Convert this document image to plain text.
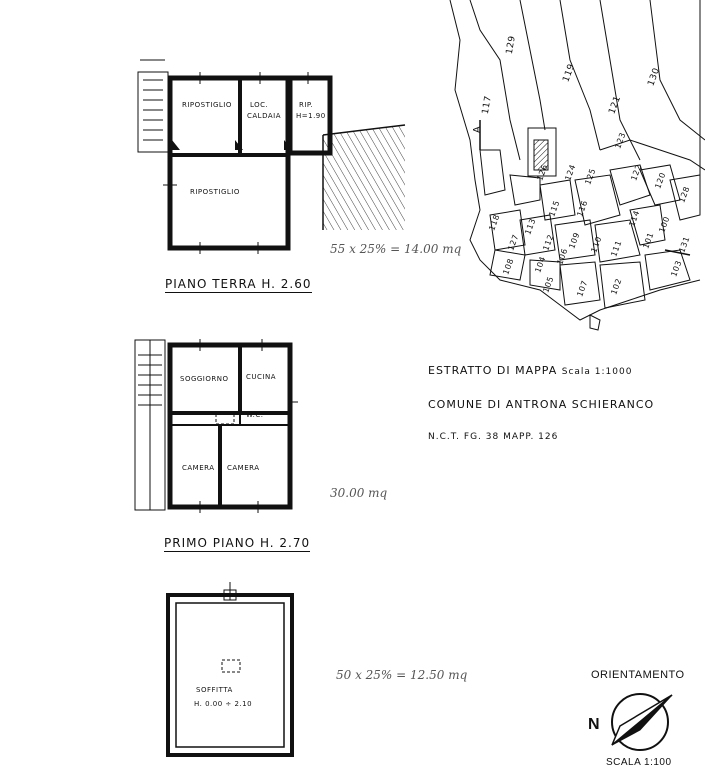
129
119	130
117	121
123
124 125
126	122 120
128
131
116
115
113
112 109 110 111
114
127
118
108
105 107 102
103
104 106
101
100
A
RIPOSTIGLIO	LOC.
CALDAIA
RIP.
H=1.90
RIPOSTIGLIO
55 x 25% = 14.00 mq
PIANO TERRA H. 2.60
SOGGIORNO	CUCINA
W.C.
CAMERA CAMERA
30.00 mq
PRIMO PIANO H. 2.70
SOFFITTA
H. 0.00 ÷ 2.10
50 x 25% = 12.50 mq
ESTRATTO DI MAPPA Scala 1:1000
COMUNE DI ANTRONA SCHIERANCO
N.C.T. FG. 38 MAPP. 126
ORIENTAMENTO
N
SCALA 1:100
